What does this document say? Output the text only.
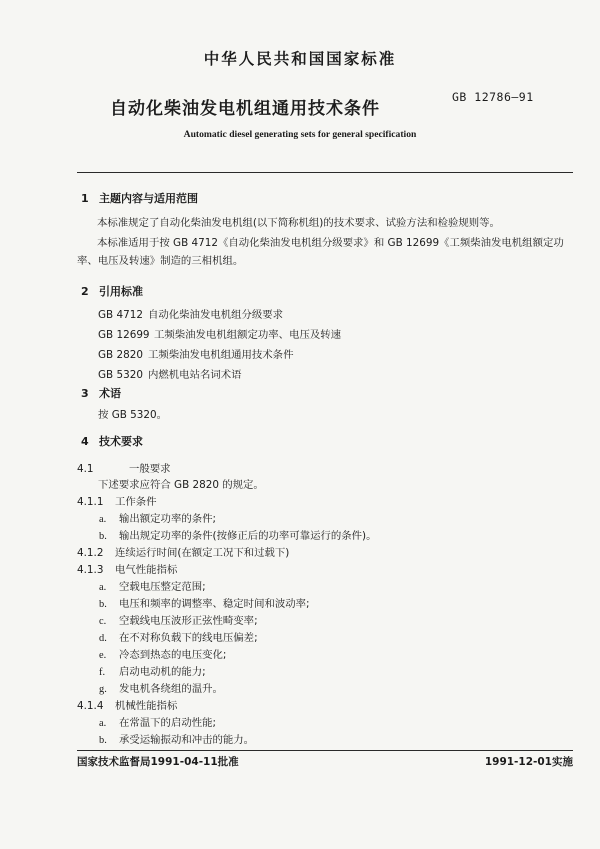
中华人民共和国国家标准
自动化柴油发电机组通用技术条件
GB 12786—91
Automatic diesel generating sets for general specification
1 主题内容与适用范围
本标准规定了自动化柴油发电机组(以下简称机组)的技术要求、试验方法和检验规则等。
本标准适用于按 GB 4712《自动化柴油发电机组分级要求》和 GB 12699《工频柴油发电机组额定功率、电压及转速》制造的三相机组。
2 引用标准
GB 4712 自动化柴油发电机组分级要求
GB 12699 工频柴油发电机组额定功率、电压及转速
GB 2820 工频柴油发电机组通用技术条件
GB 5320 内燃机电站名词术语
3 术语
按 GB 5320。
4 技术要求
4.1	一般要求
下述要求应符合 GB 2820 的规定。
4.1.1 工作条件
a. 输出额定功率的条件;
b. 输出规定功率的条件(按修正后的功率可靠运行的条件)。
4.1.2 连续运行时间(在额定工况下和过载下)
4.1.3 电气性能指标
a. 空载电压整定范围;
b. 电压和频率的调整率、稳定时间和波动率;
c. 空载线电压波形正弦性畸变率;
d. 在不对称负载下的线电压偏差;
e. 冷态到热态的电压变化;
f. 启动电动机的能力;
g. 发电机各绕组的温升。
4.1.4 机械性能指标
a. 在常温下的启动性能;
b. 承受运输振动和冲击的能力。
国家技术监督局1991-04-11批准	1991-12-01实施
